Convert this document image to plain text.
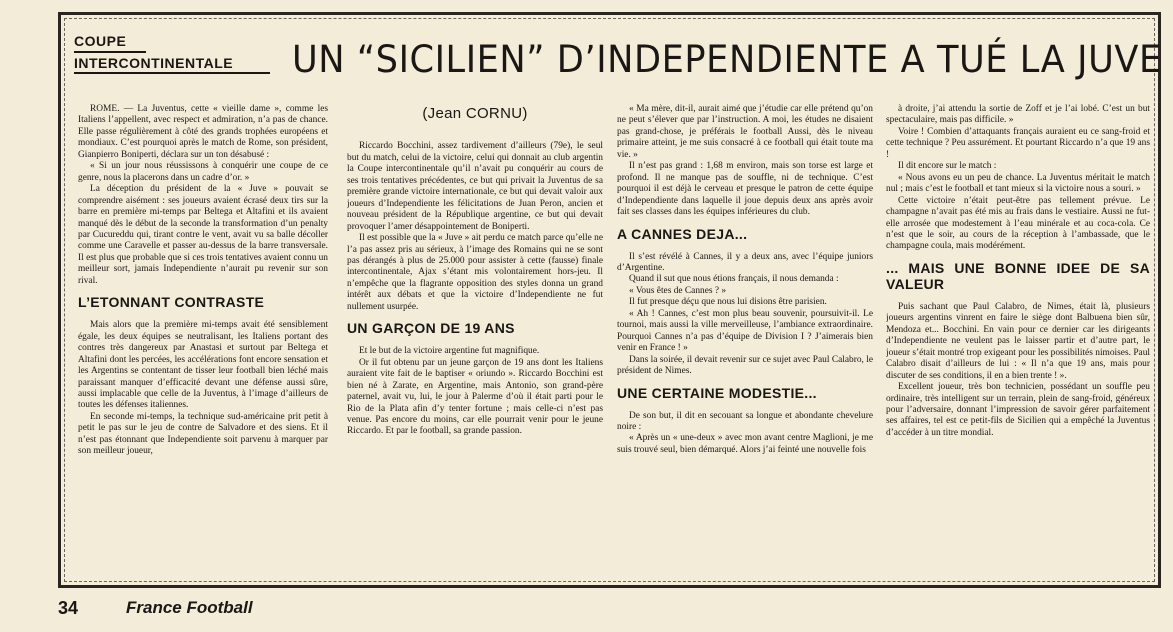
COUPE
INTERCONTINENTALE	UN “SICILIEN” D’INDEPENDIENTE A TUÉ LA JUVE

ROME. — La Juventus, cette « vieille dame », comme les Italiens l’appellent, avec respect et admiration, n’a pas de chance. Elle passe régulièrement à côté des grands trophées européens et mondiaux. C’est pourquoi après le match de Rome, son président, Gianpierro Boniperti, déclara sur un ton désabusé :

« Si un jour nous réussissons à conquérir une coupe de ce genre, nous la placerons dans un cadre d’or. »

La déception du président de la « Juve » pouvait se comprendre aisément : ses joueurs avaient écrasé deux tirs sur la barre en première mi-temps par Beltega et Altafini et ils avaient manqué dès le début de la seconde la transformation d’un penalty par Cucureddu qui, tirant contre le vent, avait vu sa balle décoller comme une Caravelle et passer au-dessus de la barre transversale. Il est plus que probable que si ces trois tentatives avaient connu un meilleur sort, jamais Independiente n’aurait pu revenir sur son rival.

L’ETONNANT CONTRASTE

Mais alors que la première mi-temps avait été sensiblement égale, les deux équipes se neutralisant, les Italiens portant des contres très dangereux par Anastasi et surtout par Beltega et Altafini dont les percées, les accélérations font encore sensation et les Argentins se contentant de tisser leur football bien léché mais paraissant manquer d’efficacité devant une défense aussi sûre, aussi implacable que celle de la Juventus, à l’image d’ailleurs de toutes les défenses italiennes.

En seconde mi-temps, la technique sud-américaine prit petit à petit le pas sur le jeu de contre de Salvadore et des siens. Et il n’est pas étonnant que Independiente soit parvenu à marquer par son meilleur joueur,

(Jean CORNU)

Riccardo Bocchini, assez tardivement d’ailleurs (79e), le seul but du match, celui de la victoire, celui qui donnait au club argentin la Coupe intercontinentale qu’il n’avait pu conquérir au cours de ses trois tentatives précédentes, ce but qui privait la Juventus de sa première grande victoire internationale, ce but qui devait valoir aux joueurs d’Independiente les félicitations de Juan Peron, ancien et nouveau président de la République argentine, ce but qui devait provoquer l’amer désappointement de Boniperti.

Il est possible que la « Juve » ait perdu ce match parce qu’elle ne l’a pas assez pris au sérieux, à l’image des Romains qui ne se sont pas dérangés à plus de 25.000 pour assister à cette (fausse) finale intercontinentale, Ajax s’étant mis volontairement hors-jeu. Il n’empêche que la flagrante opposition des styles donna un grand intérêt aux débats et que la victoire d’Independiente ne fut nullement usurpée.

UN GARÇON DE 19 ANS

Et le but de la victoire argentine fut magnifique.

Or il fut obtenu par un jeune garçon de 19 ans dont les Italiens auraient vite fait de le baptiser « oriundo ». Riccardo Bocchini est bien né à Zarate, en Argentine, mais Antonio, son grand-père paternel, avait vu, lui, le jour à Palerme d’où il était parti pour le Rio de la Plata afin d’y tenter fortune ; mais celle-ci n’est pas venue. Pas encore du moins, car elle pourrait venir pour le jeune Riccardo. Et par le football, sa grande passion.

« Ma mère, dit-il, aurait aimé que j’étudie car elle prétend qu’on ne peut s’élever que par l’instruction. A moi, les études ne disaient pas grand-chose, je préférais le football Aussi, dès le niveau primaire atteint, je me suis consacré à ce football qui était toute ma vie. »

Il n’est pas grand : 1,68 m environ, mais son torse est large et profond. Il ne manque pas de souffle, ni de technique. C’est pourquoi il est déjà le cerveau et presque le patron de cette équipe d’Independiente dans laquelle il joue depuis deux ans après avoir fait ses classes dans les équipes inférieures du club.

A CANNES DEJA...

Il s’est révélé à Cannes, il y a deux ans, avec l’équipe juniors d’Argentine.

Quand il sut que nous étions français, il nous demanda :

« Vous êtes de Cannes ? »

Il fut presque déçu que nous lui disions être parisien.

« Ah ! Cannes, c’est mon plus beau souvenir, poursuivit-il. Le tournoi, mais aussi la ville merveilleuse, l’ambiance extraordinaire. Pourquoi Cannes n’a pas d’équipe de Division I ? J’aimerais bien venir en France ! »

Dans la soirée, il devait revenir sur ce sujet avec Paul Calabro, le président de Nimes.

UNE CERTAINE MODESTIE...

De son but, il dit en secouant sa longue et abondante chevelure noire :

« Après un « une-deux » avec mon avant centre Maglioni, je me suis trouvé seul, bien démarqué. Alors j’ai feinté une nouvelle fois

à droite, j’ai attendu la sortie de Zoff et je l’ai lobé. C’est un but spectaculaire, mais pas difficile. »

Voire ! Combien d’attaquants français auraient eu ce sang-froid et cette technique ? Peu assurément. Et pourtant Riccardo n’a que 19 ans !

Il dit encore sur le match :

« Nous avons eu un peu de chance. La Juventus méritait le match nul ; mais c’est le football et tant mieux si la victoire nous a souri. »

Cette victoire n’était peut-être pas tellement prévue. Le champagne n’avait pas été mis au frais dans le vestiaire. Aussi ne fut-elle arrosée que modestement à l’eau minérale et au coca-cola. Ce n’est que le soir, au cours de la réception à l’ambassade, que le champagne coula, mais modérément.

... MAIS UNE BONNE IDEE DE SA VALEUR

Puis sachant que Paul Calabro, de Nimes, était là, plusieurs joueurs argentins vinrent en faire le siège dont Balbuena bien sûr, Mendoza et... Bocchini. En vain pour ce dernier car les dirigeants d’Independiente ne veulent pas le laisser partir et d’autre part, le joueur s’était montré trop exigeant pour les possibilités nimoises. Paul Calabro disait d’ailleurs de lui : « Il n’a que 19 ans, mais pour discuter de ses conditions, il en a bien trente ! ».

Excellent joueur, très bon technicien, possédant un souffle peu ordinaire, très intelligent sur un terrain, plein de sang-froid, généreux pour l’adversaire, donnant l’impression de savoir gérer parfaitement ses affaires, tel est ce petit-fils de Sicilien qui a empêché la Juventus d’accéder à un titre mondial.

34	France Football
